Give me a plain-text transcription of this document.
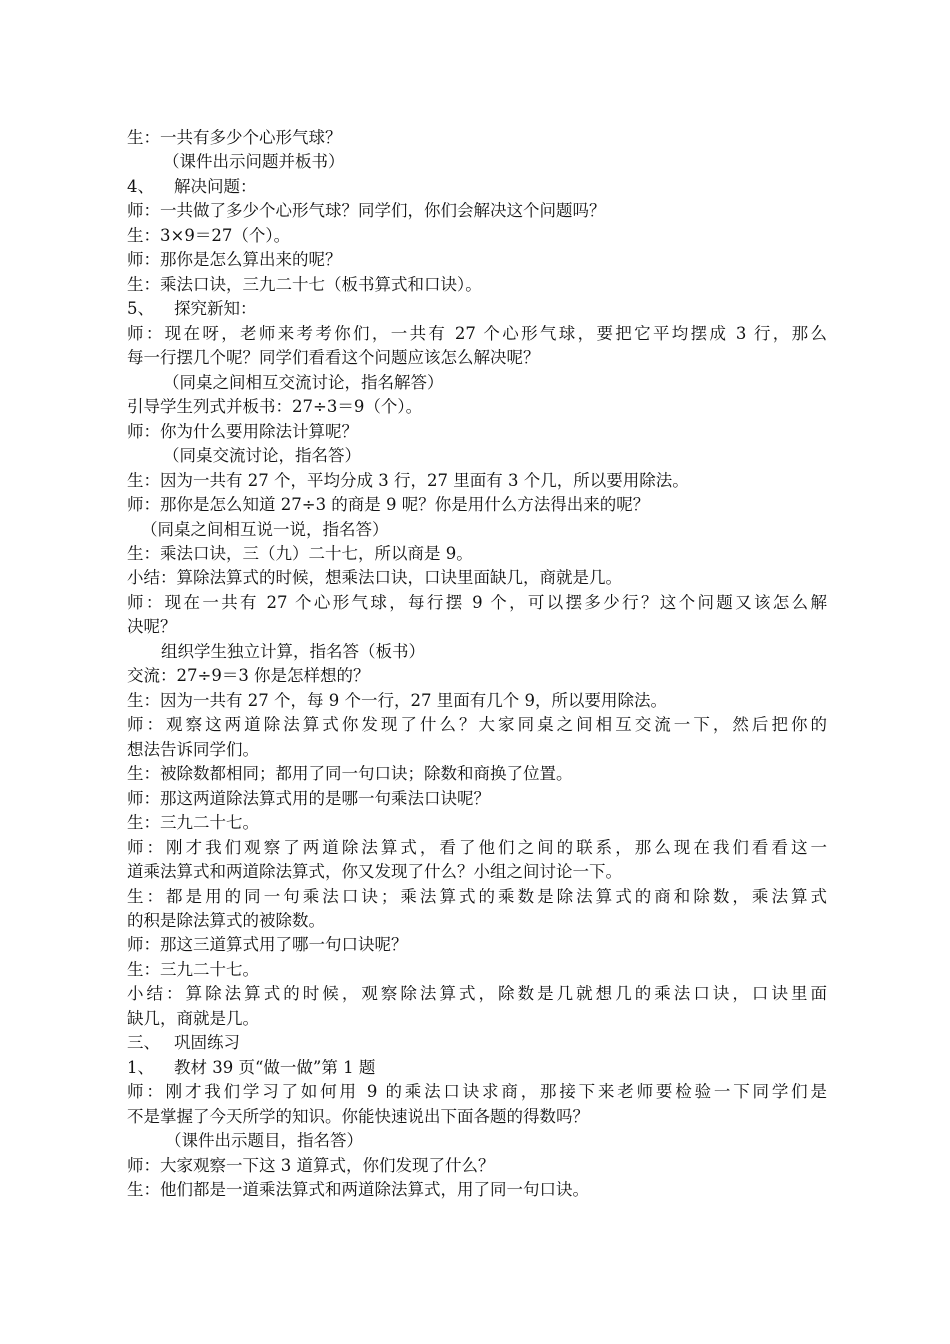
生：一共有多少个心形气球？
（课件出示问题并板书）
4、 解决问题：
师：一共做了多少个心形气球？同学们，你们会解决这个问题吗？
生：3×9＝27（个）。
师：那你是怎么算出来的呢？
生：乘法口诀，三九二十七（板书算式和口诀）。
5、 探究新知：
师：现在呀，老师来考考你们，一共有 27 个心形气球，要把它平均摆成 3 行，那么
每一行摆几个呢？同学们看看这个问题应该怎么解决呢？
（同桌之间相互交流讨论，指名解答）
引导学生列式并板书：27÷3＝9（个）。
师：你为什么要用除法计算呢？
（同桌交流讨论，指名答）
生：因为一共有 27 个，平均分成 3 行，27 里面有 3 个几，所以要用除法。
师：那你是怎么知道 27÷3 的商是 9 呢？你是用什么方法得出来的呢？
（同桌之间相互说一说，指名答）
生：乘法口诀，三（九）二十七，所以商是 9。
小结：算除法算式的时候，想乘法口诀，口诀里面缺几，商就是几。
师：现在一共有 27 个心形气球，每行摆 9 个，可以摆多少行？这个问题又该怎么解
决呢？
组织学生独立计算，指名答（板书）
交流：27÷9＝3 你是怎样想的？
生：因为一共有 27 个，每 9 个一行，27 里面有几个 9，所以要用除法。
师：观察这两道除法算式你发现了什么？大家同桌之间相互交流一下，然后把你的
想法告诉同学们。
生：被除数都相同；都用了同一句口诀；除数和商换了位置。
师：那这两道除法算式用的是哪一句乘法口诀呢？
生：三九二十七。
师：刚才我们观察了两道除法算式，看了他们之间的联系，那么现在我们看看这一
道乘法算式和两道除法算式，你又发现了什么？小组之间讨论一下。
生：都是用的同一句乘法口诀；乘法算式的乘数是除法算式的商和除数，乘法算式
的积是除法算式的被除数。
师：那这三道算式用了哪一句口诀呢？
生：三九二十七。
小结：算除法算式的时候，观察除法算式，除数是几就想几的乘法口诀，口诀里面
缺几，商就是几。
三、 巩固练习
1、 教材 39 页“做一做”第 1 题
师：刚才我们学习了如何用 9 的乘法口诀求商，那接下来老师要检验一下同学们是
不是掌握了今天所学的知识。你能快速说出下面各题的得数吗？
（课件出示题目，指名答）
师：大家观察一下这 3 道算式，你们发现了什么？
生：他们都是一道乘法算式和两道除法算式，用了同一句口诀。
